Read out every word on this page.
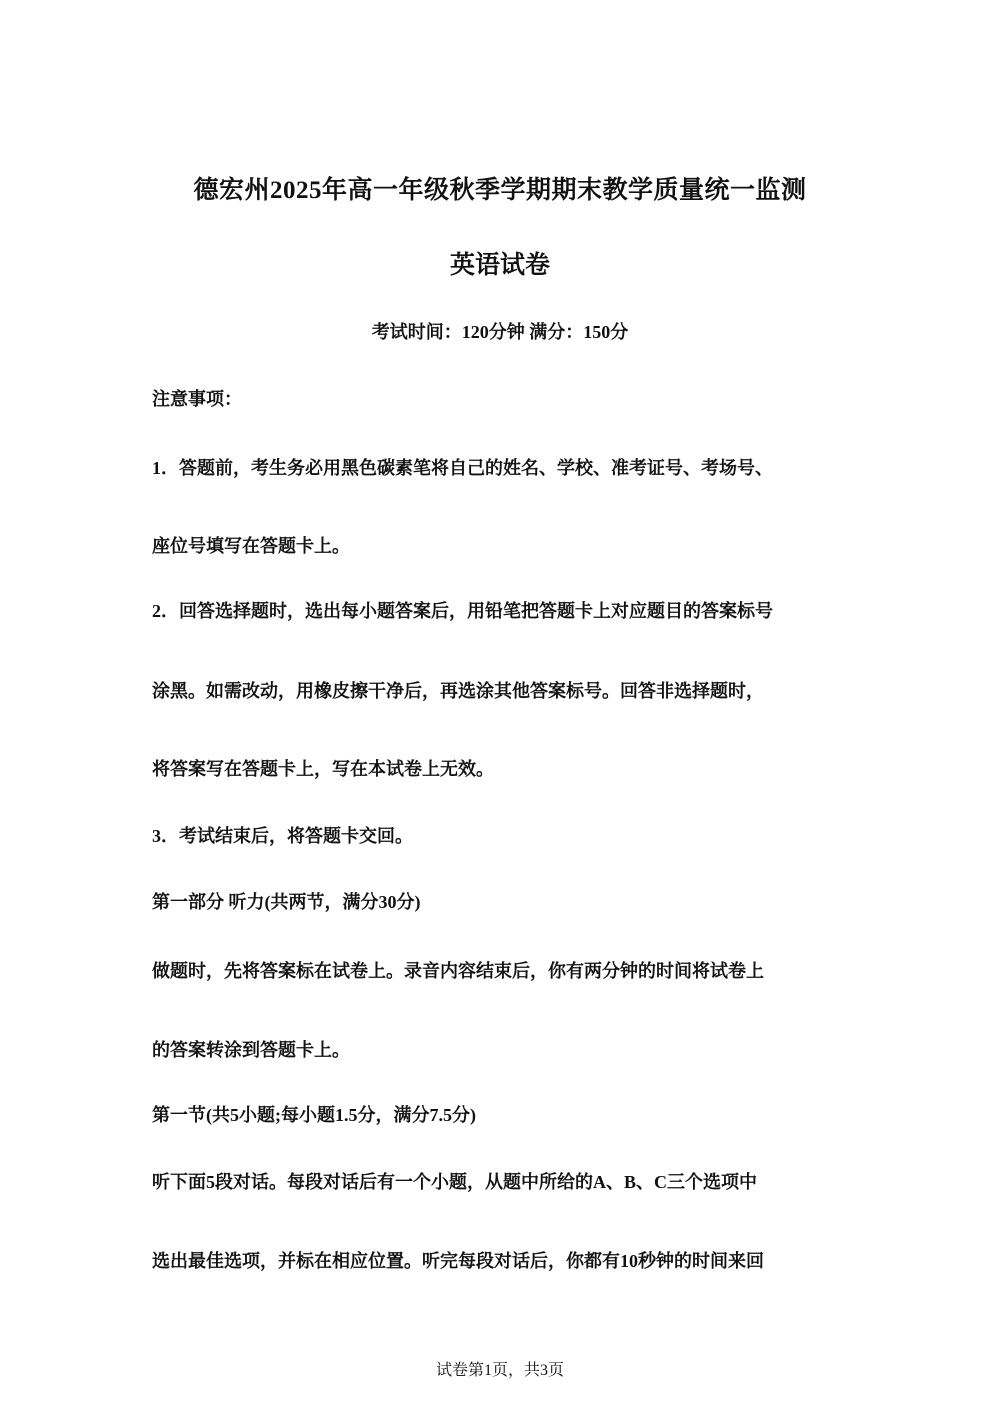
德宏州2025年高一年级秋季学期期末教学质量统一监测
英语试卷
考试时间：120分钟 满分：150分
注意事项：
1．答题前，考生务必用黑色碳素笔将自己的姓名、学校、准考证号、考场号、
座位号填写在答题卡上。
2．回答选择题时，选出每小题答案后，用铅笔把答题卡上对应题目的答案标号
涂黑。如需改动，用橡皮擦干净后，再选涂其他答案标号。回答非选择题时，
将答案写在答题卡上，写在本试卷上无效。
3．考试结束后，将答题卡交回。
第一部分 听力(共两节，满分30分)
做题时，先将答案标在试卷上。录音内容结束后，你有两分钟的时间将试卷上
的答案转涂到答题卡上。
第一节(共5小题;每小题1.5分，满分7.5分)
听下面5段对话。每段对话后有一个小题，从题中所给的A、B、C三个选项中
选出最佳选项，并标在相应位置。听完每段对话后，你都有10秒钟的时间来回
试卷第1页，共3页
